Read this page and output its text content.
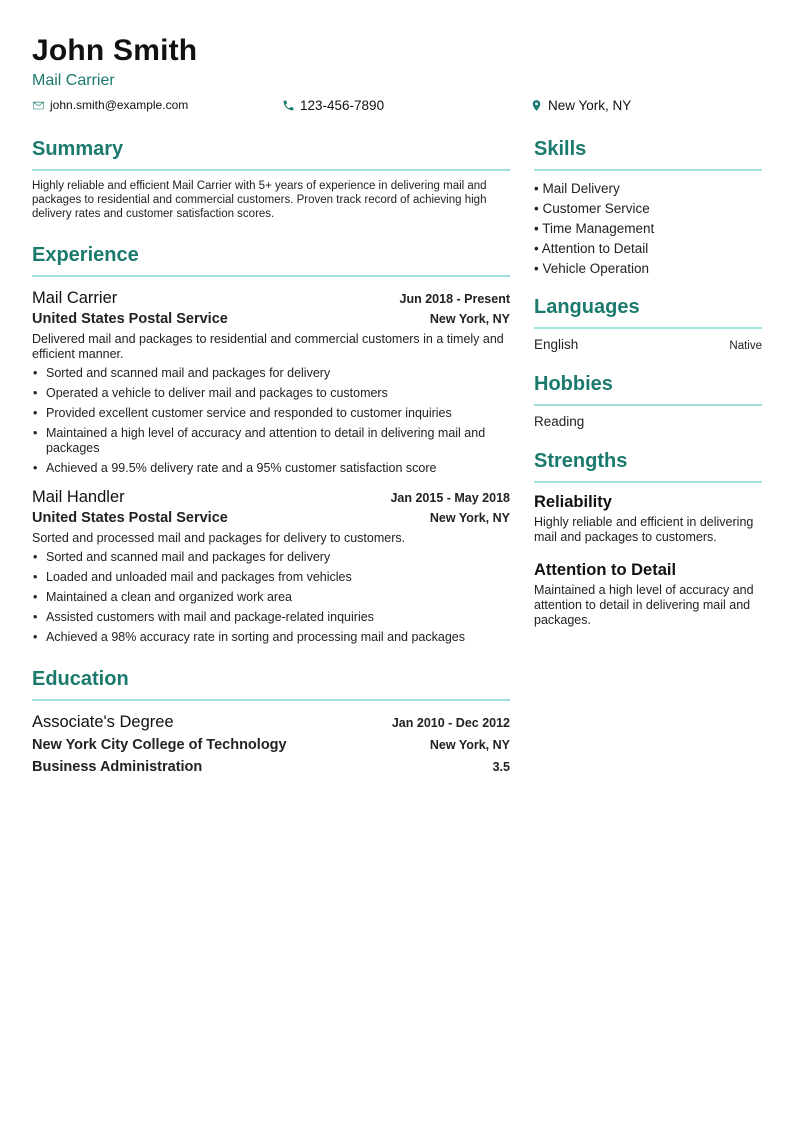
John Smith
Mail Carrier
john.smith@example.com	123-456-7890	New York, NY
Summary
Highly reliable and efficient Mail Carrier with 5+ years of experience in delivering mail and packages to residential and commercial customers. Proven track record of achieving high delivery rates and customer satisfaction scores.
Experience
Mail Carrier	Jun 2018 - Present
United States Postal Service	New York, NY
Delivered mail and packages to residential and commercial customers in a timely and efficient manner.
• Sorted and scanned mail and packages for delivery
• Operated a vehicle to deliver mail and packages to customers
• Provided excellent customer service and responded to customer inquiries
• Maintained a high level of accuracy and attention to detail in delivering mail and packages
• Achieved a 99.5% delivery rate and a 95% customer satisfaction score
Mail Handler	Jan 2015 - May 2018
United States Postal Service	New York, NY
Sorted and processed mail and packages for delivery to customers.
• Sorted and scanned mail and packages for delivery
• Loaded and unloaded mail and packages from vehicles
• Maintained a clean and organized work area
• Assisted customers with mail and package-related inquiries
• Achieved a 98% accuracy rate in sorting and processing mail and packages
Education
Associate's Degree	Jan 2010 - Dec 2012
New York City College of Technology	New York, NY
Business Administration	3.5
Skills
• Mail Delivery
• Customer Service
• Time Management
• Attention to Detail
• Vehicle Operation
Languages
English	Native
Hobbies
Reading
Strengths
Reliability
Highly reliable and efficient in delivering mail and packages to customers.
Attention to Detail
Maintained a high level of accuracy and attention to detail in delivering mail and packages.
